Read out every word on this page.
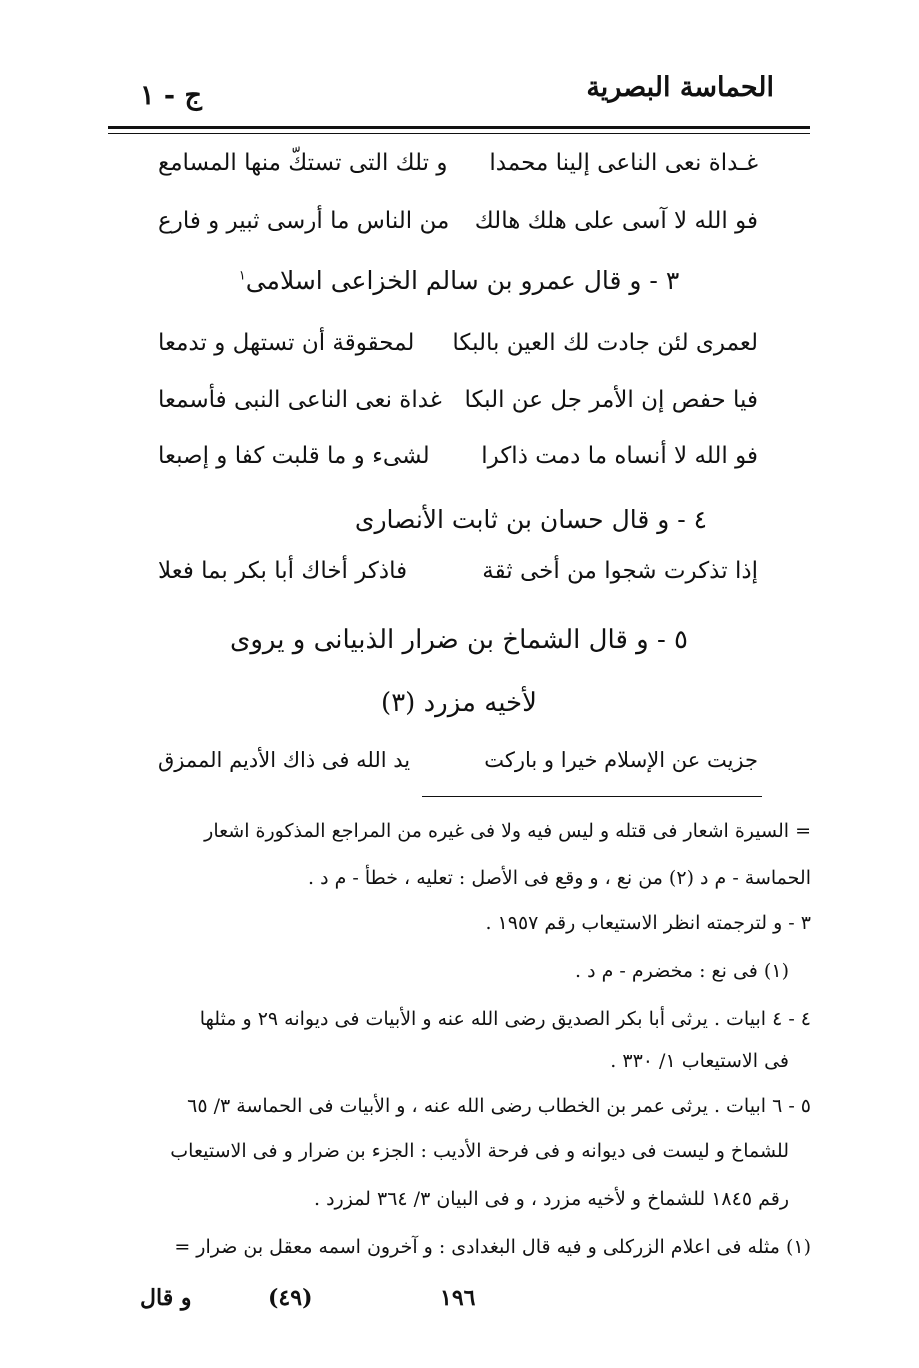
الحماسة البصرية
ج - ١
غـداة نعى الناعى إلينا محمدا
و تلك التى تستكّ منها المسامع
فو الله لا آسى على هلك هالك
من الناس ما أرسى ثبير و فارع
٣ - و قال عمرو بن سالم الخزاعى اسلامى$^١$
لعمرى لئن جادت لك العين بالبكا
لمحقوقة أن تستهل و تدمعا
فيا حفص إن الأمر جل عن البكا
غداة نعى الناعى النبى فأسمعا
فو الله لا أنساه ما دمت ذاكرا
لشىء و ما قلبت كفا و إصبعا
٤ - و قال حسان بن ثابت الأنصارى
إذا تذكرت شجوا من أخى ثقة
فاذكر أخاك أبا بكر بما فعلا
٥ - و قال الشماخ بن ضرار الذبيانى و يروى
لأخيه مزرد (٣)
جزيت عن الإسلام خيرا و باركت
يد الله فى ذاك الأديم الممزق
= السيرة اشعار فى قتله و ليس فيه ولا فى غيره من المراجع المذكورة اشعار
الحماسة - م د (٢) من نع ، و وقع فى الأصل : تعليه ، خطأ - م د .
٣ - و لترجمته انظر الاستيعاب رقم ١٩٥٧ .
(١) فى نع : مخضرم - م د .
٤ - ٤ ابيات . يرثى أبا بكر الصديق رضى الله عنه و الأبيات فى ديوانه ٢٩ و مثلها
فى الاستيعاب ١/ ٣٣٠ .
٥ - ٦ ابيات . يرثى عمر بن الخطاب رضى الله عنه ، و الأبيات فى الحماسة ٣/ ٦٥
للشماخ و ليست فى ديوانه و فى فرحة الأديب : الجزء بن ضرار و فى الاستيعاب
رقم ١٨٤٥ للشماخ و لأخيه مزرد ، و فى البيان ٣/ ٣٦٤ لمزرد .
(١) مثله فى اعلام الزركلى و فيه قال البغدادى : و آخرون اسمه معقل بن ضرار =
و قال	(٤٩)	١٩٦
